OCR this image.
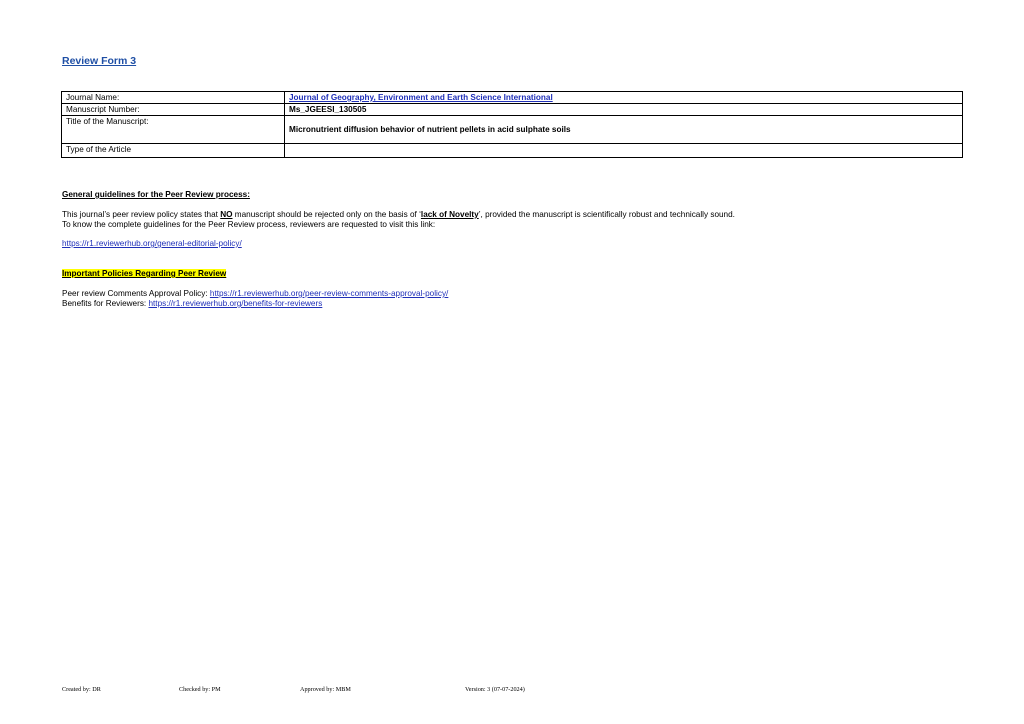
Review Form 3
Journal Name:	Journal of Geography, Environment and Earth Science International
Manuscript Number:	Ms_JGEESI_130505
Title of the Manuscript:	Micronutrient diffusion behavior of nutrient pellets in acid sulphate soils
Type of the Article	
General guidelines for the Peer Review process:
This journal’s peer review policy states that NO manuscript should be rejected only on the basis of ‘lack of Novelty’, provided the manuscript is scientifically robust and technically sound.
To know the complete guidelines for the Peer Review process, reviewers are requested to visit this link:
https://r1.reviewerhub.org/general-editorial-policy/
Important Policies Regarding Peer Review
Peer review Comments Approval Policy: https://r1.reviewerhub.org/peer-review-comments-approval-policy/
Benefits for Reviewers: https://r1.reviewerhub.org/benefits-for-reviewers
Created by: DR	Checked by: PM	Approved by: MBM	Version: 3 (07-07-2024)
